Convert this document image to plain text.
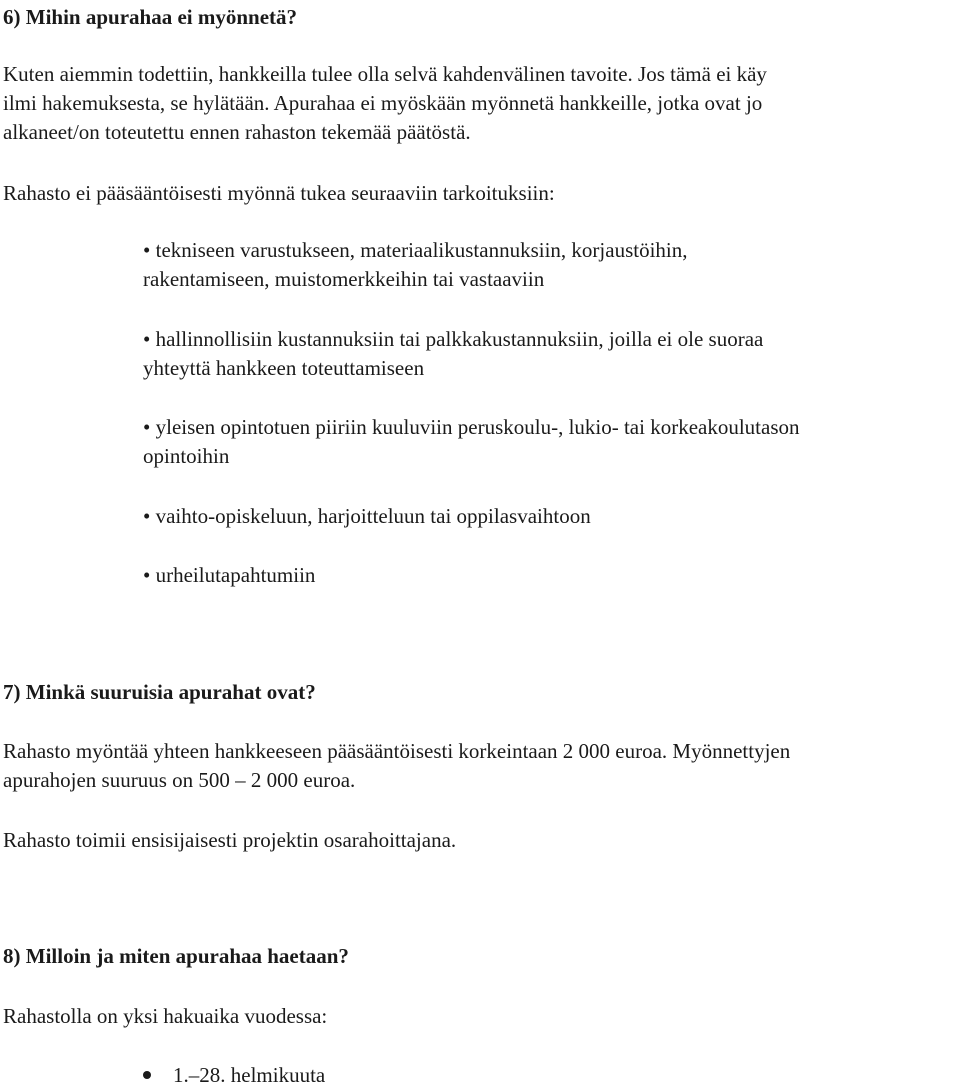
6) Mihin apurahaa ei myönnetä?
Kuten aiemmin todettiin, hankkeilla tulee olla selvä kahdenvälinen tavoite. Jos tämä ei käy
ilmi hakemuksesta, se hylätään. Apurahaa ei myöskään myönnetä hankkeille, jotka ovat jo
alkaneet/on toteutettu ennen rahaston tekemää päätöstä.
Rahasto ei pääsääntöisesti myönnä tukea seuraaviin tarkoituksiin:
• tekniseen varustukseen, materiaalikustannuksiin, korjaustöihin,
rakentamiseen, muistomerkkeihin tai vastaaviin
• hallinnollisiin kustannuksiin tai palkkakustannuksiin, joilla ei ole suoraa
yhteyttä hankkeen toteuttamiseen
• yleisen opintotuen piiriin kuuluviin peruskoulu-, lukio- tai korkeakoulutason
opintoihin
• vaihto-opiskeluun, harjoitteluun tai oppilasvaihtoon
• urheilutapahtumiin
7) Minkä suuruisia apurahat ovat?
Rahasto myöntää yhteen hankkeeseen pääsääntöisesti korkeintaan 2 000 euroa. Myönnettyjen
apurahojen suuruus on 500 – 2 000 euroa.
Rahasto toimii ensisijaisesti projektin osarahoittajana.
8) Milloin ja miten apurahaa haetaan?
Rahastolla on yksi hakuaika vuodessa:
1.–28. helmikuuta
